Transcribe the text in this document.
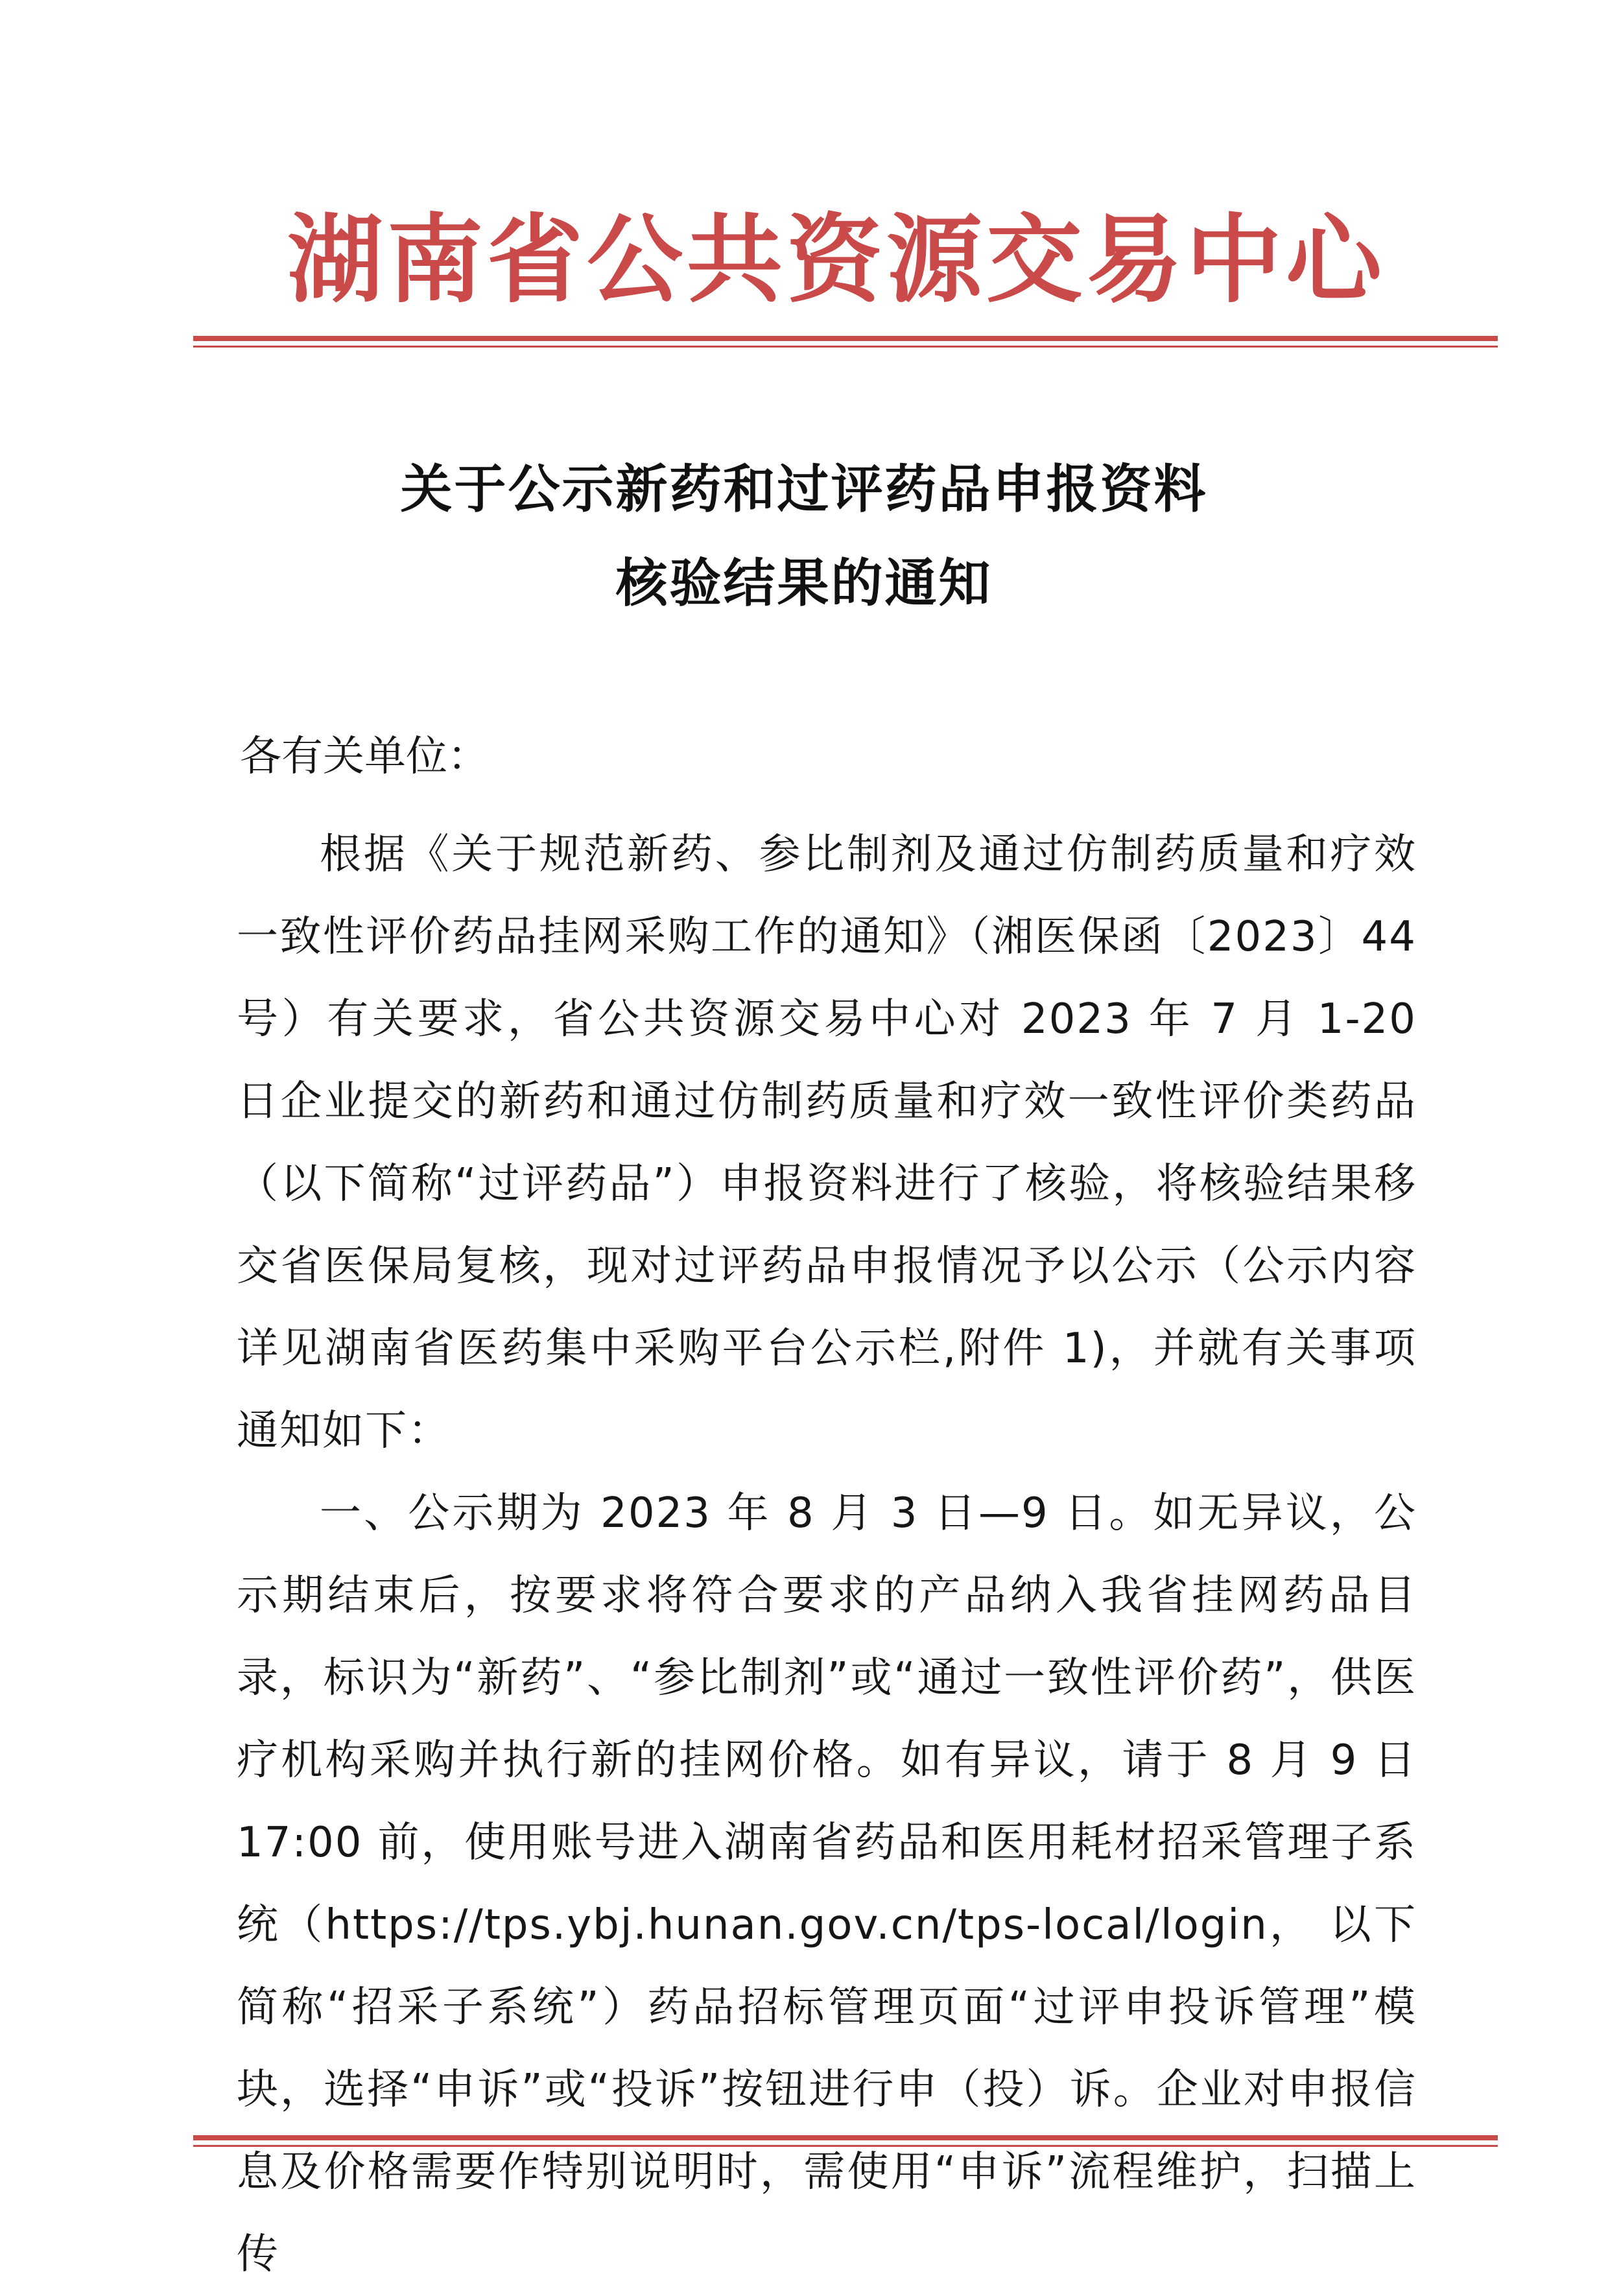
湖南省公共资源交易中心
关于公示新药和过评药品申报资料
核验结果的通知
各有关单位：

根据《关于规范新药、参比制剂及通过仿制药质量和疗效一致性评价药品挂网采购工作的通知》（湘医保函〔2023〕44 号）有关要求，省公共资源交易中心对 2023 年 7 月 1-20 日企业提交的新药和通过仿制药质量和疗效一致性评价类药品（以下简称“过评药品”）申报资料进行了核验，将核验结果移交省医保局复核，现对过评药品申报情况予以公示（公示内容详见湖南省医药集中采购平台公示栏,附件 1)，并就有关事项通知如下：

一、公示期为 2023 年 8 月 3 日—9 日。如无异议，公示期结束后，按要求将符合要求的产品纳入我省挂网药品目录，标识为“新药”、“参比制剂”或“通过一致性评价药”，供医疗机构采购并执行新的挂网价格。如有异议，请于 8 月 9 日 17:00 前，使用账号进入湖南省药品和医用耗材招采管理子系统（https://tps.ybj.hunan.gov.cn/tps-local/login， 以下简称“招采子系统”）药品招标管理页面“过评申投诉管理”模块，选择“申诉”或“投诉”按钮进行申（投）诉。企业对申报信息及价格需要作特别说明时，需使用“申诉”流程维护，扫描上传
